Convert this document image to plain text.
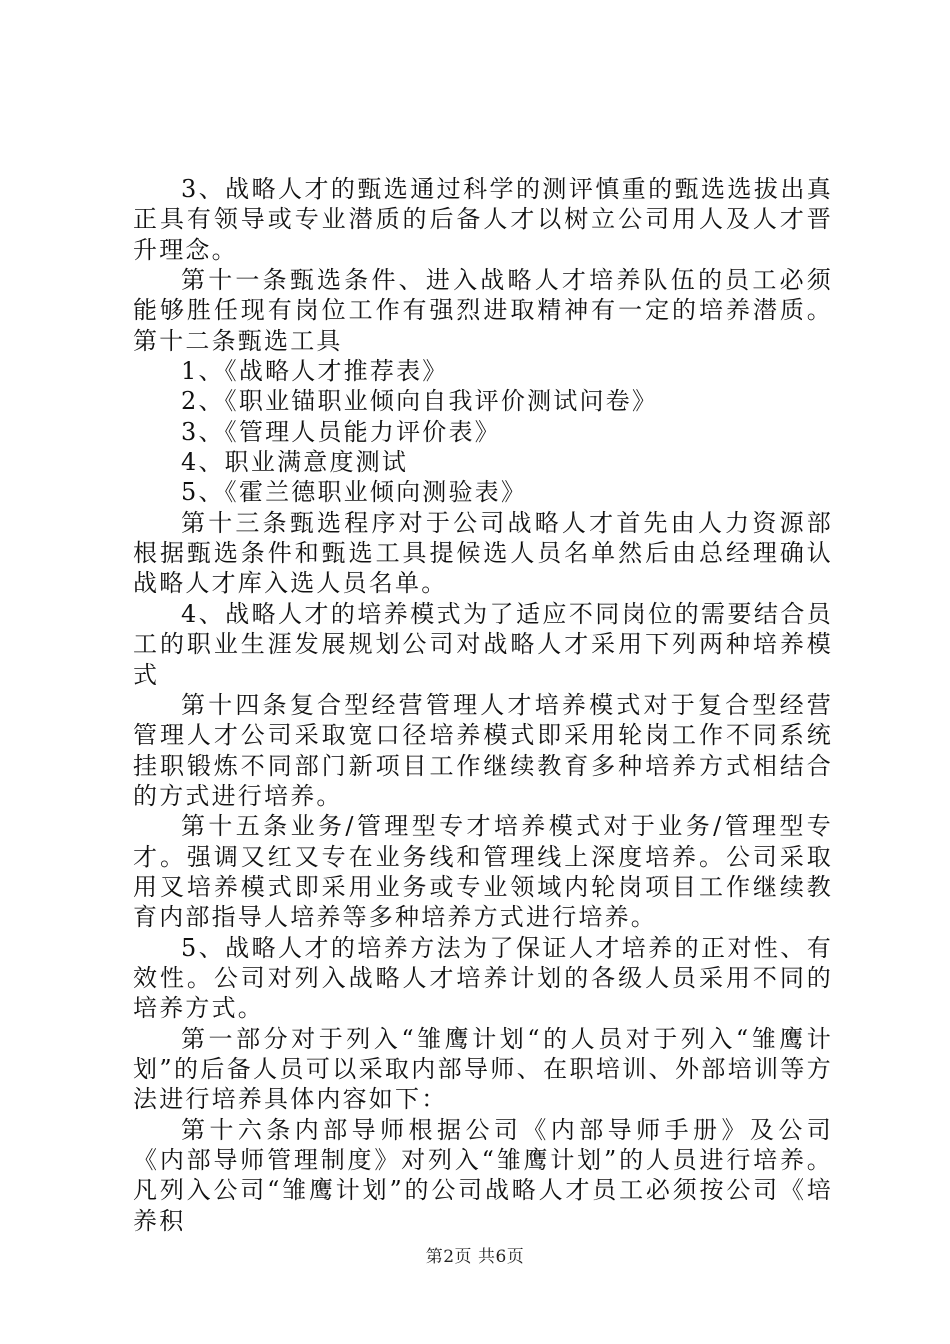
3、战略人才的甄选通过科学的测评慎重的甄选选拔出真正具有领导或专业潜质的后备人才以树立公司用人及人才晋升理念。

第十一条甄选条件、进入战略人才培养队伍的员工必须能够胜任现有岗位工作有强烈进取精神有一定的培养潜质。第十二条甄选工具

1、《战略人才推荐表》

2、《职业锚职业倾向自我评价测试问卷》

3、《管理人员能力评价表》

4、职业满意度测试

5、《霍兰德职业倾向测验表》

第十三条甄选程序对于公司战略人才首先由人力资源部根据甄选条件和甄选工具提候选人员名单然后由总经理确认战略人才库入选人员名单。

4、战略人才的培养模式为了适应不同岗位的需要结合员工的职业生涯发展规划公司对战略人才采用下列两种培养模式

第十四条复合型经营管理人才培养模式对于复合型经营管理人才公司采取宽口径培养模式即采用轮岗工作不同系统挂职锻炼不同部门新项目工作继续教育多种培养方式相结合的方式进行培养。

第十五条业务/管理型专才培养模式对于业务/管理型专才。强调又红又专在业务线和管理线上深度培养。公司采取用叉培养模式即采用业务或专业领域内轮岗项目工作继续教育内部指导人培养等多种培养方式进行培养。

5、战略人才的培养方法为了保证人才培养的正对性、有效性。公司对列入战略人才培养计划的各级人员采用不同的培养方式。

第一部分对于列入“雏鹰计划“的人员对于列入“雏鹰计划”的后备人员可以采取内部导师、在职培训、外部培训等方法进行培养具体内容如下：

第十六条内部导师根据公司《内部导师手册》及公司《内部导师管理制度》对列入“雏鹰计划”的人员进行培养。凡列入公司“雏鹰计划”的公司战略人才员工必须按公司《培养积

第2页 共6页
